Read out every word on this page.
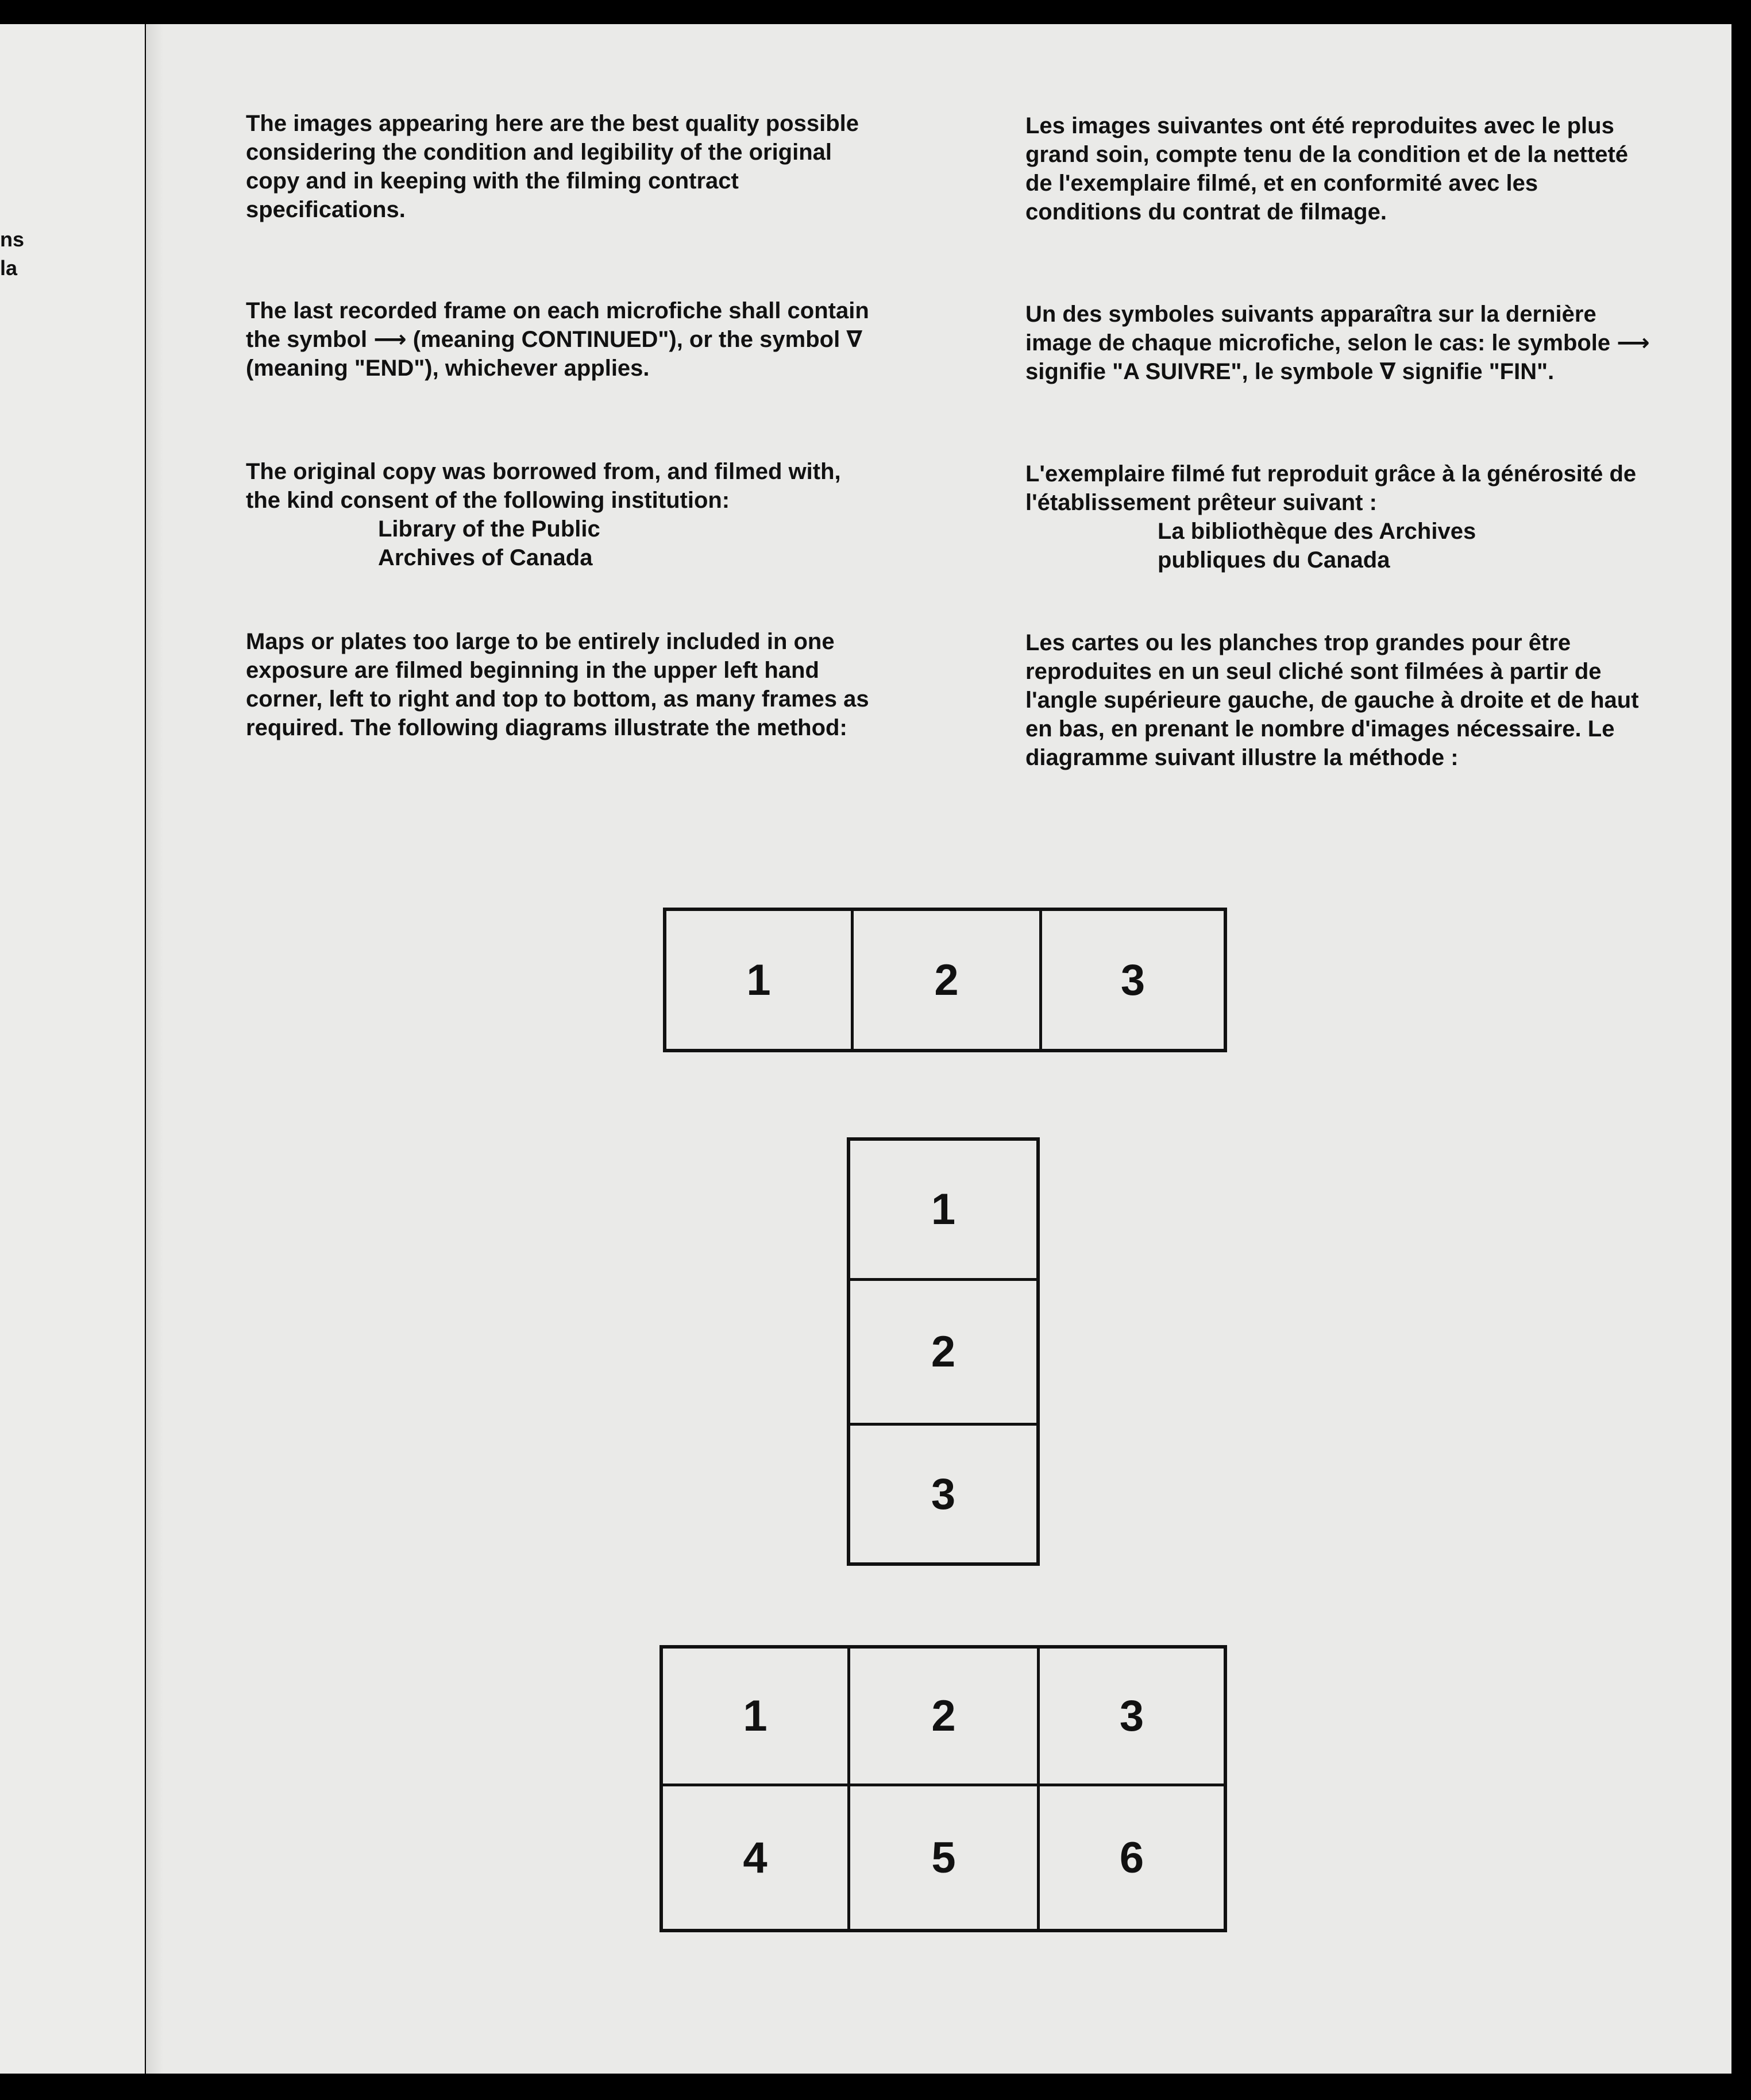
ns
la

The images appearing here are the best quality possible considering the condition and legibility of the original copy and in keeping with the filming contract specifications.

The last recorded frame on each microfiche shall contain the symbol ⟶ (meaning CONTINUED"), or the symbol ∇ (meaning "END"), whichever applies.

The original copy was borrowed from, and filmed with, the kind consent of the following institution:

Library of the Public

Archives of Canada

Maps or plates too large to be entirely included in one exposure are filmed beginning in the upper left hand corner, left to right and top to bottom, as many frames as required. The following diagrams illustrate the method:

Les images suivantes ont été reproduites avec le plus grand soin, compte tenu de la condition et de la netteté de l'exemplaire filmé, et en conformité avec les conditions du contrat de filmage.

Un des symboles suivants apparaîtra sur la dernière image de chaque microfiche, selon le cas: le symbole ⟶ signifie "A SUIVRE", le symbole ∇ signifie "FIN".

L'exemplaire filmé fut reproduit grâce à la générosité de l'établissement prêteur suivant :

La bibliothèque des Archives

publiques du Canada

Les cartes ou les planches trop grandes pour être reproduites en un seul cliché sont filmées à partir de l'angle supérieure gauche, de gauche à droite et de haut en bas, en prenant le nombre d'images nécessaire. Le diagramme suivant illustre la méthode :

1	2	3
1
2
3
1	2	3
4	5	6
